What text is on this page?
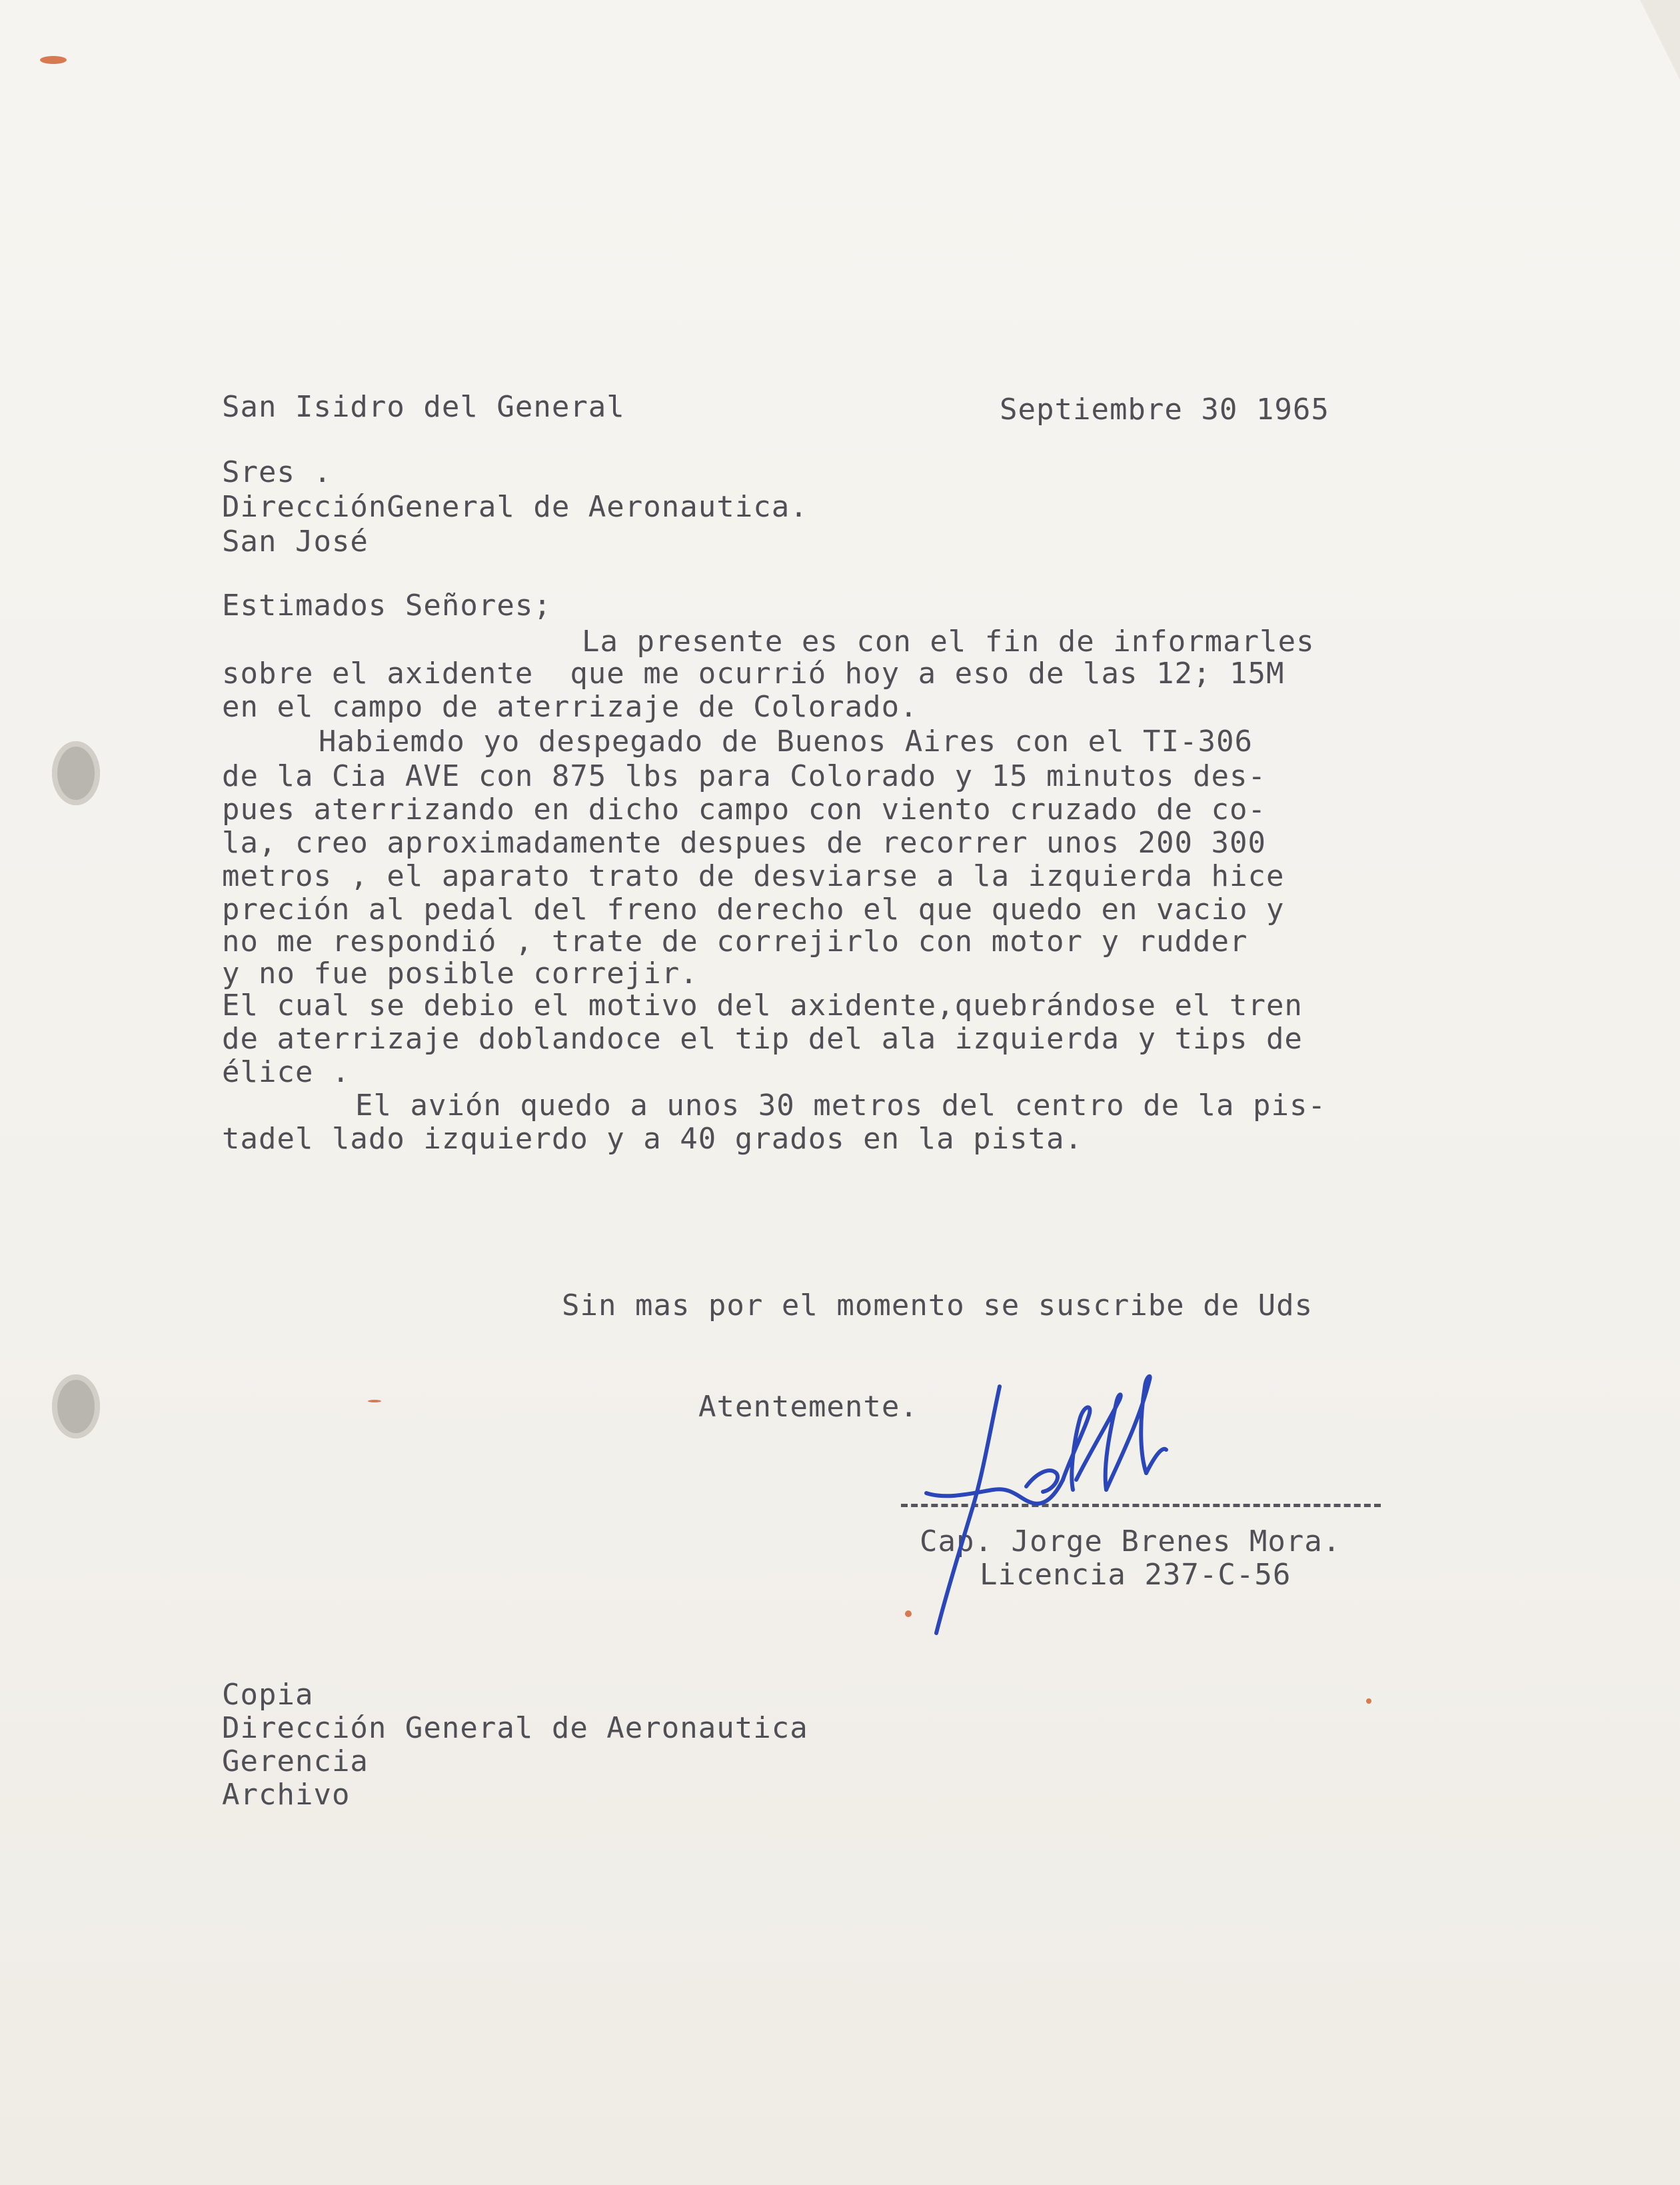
San Isidro del General	Septiembre 30 1965
Sres .
DirecciónGeneral de Aeronautica.
San José
Estimados Señores;
La presente es con el fin de informarles
sobre el axidente  que me ocurrió hoy a eso de las 12; 15M
en el campo de aterrizaje de Colorado.
Habiemdo yo despegado de Buenos Aires con el TI-306
de la Cia AVE con 875 lbs para Colorado y 15 minutos des-
pues aterrizando en dicho campo con viento cruzado de co-
la, creo aproximadamente despues de recorrer unos 200 300
metros , el aparato trato de desviarse a la izquierda hice
preción al pedal del freno derecho el que quedo en vacio y
no me respondió , trate de correjirlo con motor y rudder
y no fue posible correjir.
El cual se debio el motivo del axidente,quebrándose el tren
de aterrizaje doblandoce el tip del ala izquierda y tips de
élice .
El avión quedo a unos 30 metros del centro de la pis-
tadel lado izquierdo y a 40 grados en la pista.
Sin mas por el momento se suscribe de Uds
Atentemente.
Cap. Jorge Brenes Mora.
Licencia 237-C-56
Copia
Dirección General de Aeronautica
Gerencia
Archivo
